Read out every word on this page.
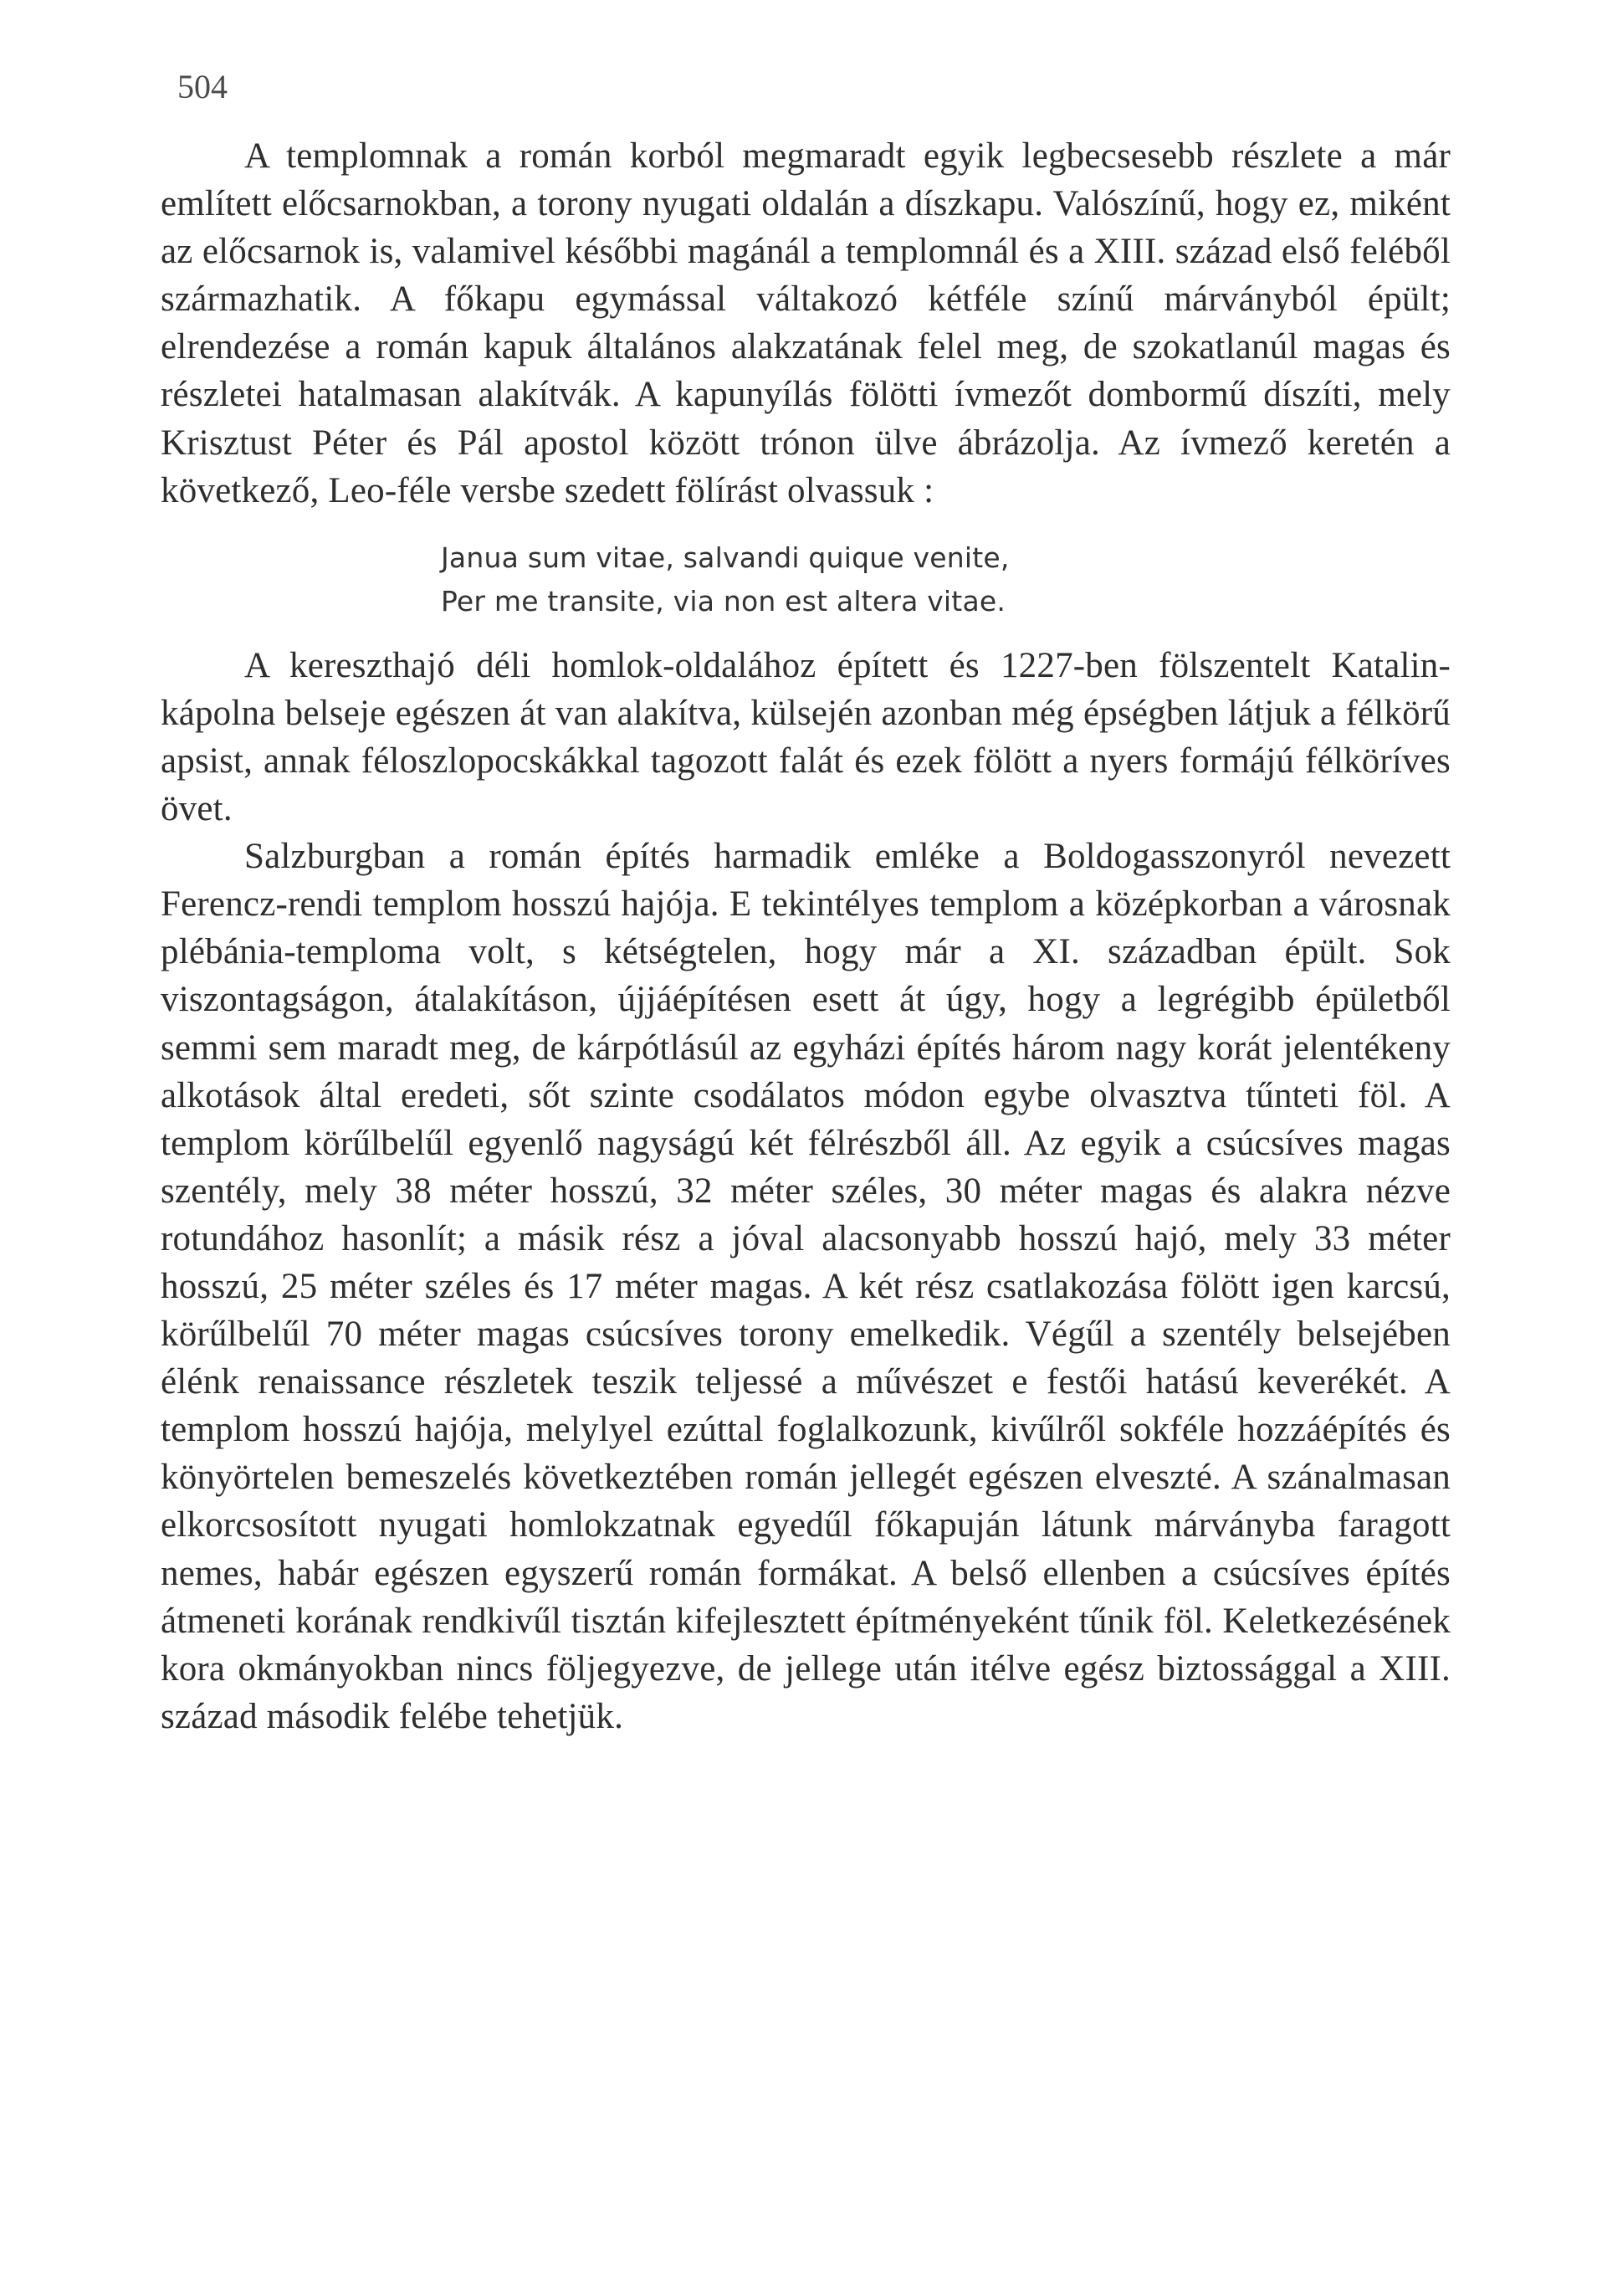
504

A templomnak a román korból megmaradt egyik legbecsesebb részlete a már említett előcsarnokban, a torony nyugati oldalán a díszkapu. Valószínű, hogy ez, miként az előcsarnok is, valamivel későbbi magánál a templomnál és a XIII. század első feléből származhatik. A főkapu egymással váltakozó kétféle színű márványból épült; elrendezése a román kapuk általános alakzatának felel meg, de szokatlanúl magas és részletei hatalmasan alakítvák. A kapunyílás fölötti ívmezőt dombormű díszíti, mely Krisztust Péter és Pál apostol között trónon ülve ábrázolja. Az ívmező keretén a következő, Leo-féle versbe szedett fölírást olvassuk :

Janua sum vitae, salvandi quique venite,
Per me transite, via non est altera vitae.

A kereszthajó déli homlok-oldalához épített és 1227-ben fölszentelt Katalin-kápolna belseje egészen át van alakítva, külsején azonban még épségben látjuk a félkörű apsist, annak féloszlopocskákkal tagozott falát és ezek fölött a nyers formájú félköríves övet.

Salzburgban a román építés harmadik emléke a Boldogasszonyról nevezett Ferencz-rendi templom hosszú hajója. E tekintélyes templom a középkorban a városnak plébánia-temploma volt, s kétségtelen, hogy már a XI. században épült. Sok viszontagságon, átalakításon, újjáépítésen esett át úgy, hogy a legrégibb épületből semmi sem maradt meg, de kárpótlásúl az egyházi építés három nagy korát jelentékeny alkotások által eredeti, sőt szinte csodálatos módon egybe olvasztva tűnteti föl. A templom körűlbelűl egyenlő nagyságú két félrészből áll. Az egyik a csúcsíves magas szentély, mely 38 méter hosszú, 32 méter széles, 30 méter magas és alakra nézve rotundához hasonlít; a másik rész a jóval alacsonyabb hosszú hajó, mely 33 méter hosszú, 25 méter széles és 17 méter magas. A két rész csatlakozása fölött igen karcsú, körűlbelűl 70 méter magas csúcsíves torony emelkedik. Végűl a szentély belsejében élénk renaissance részletek teszik teljessé a művészet e festői hatású keverékét. A templom hosszú hajója, melylyel ezúttal foglalkozunk, kivűlről sokféle hozzáépítés és könyörtelen bemeszelés következtében román jellegét egészen elveszté. A szánalmasan elkorcsosított nyugati homlokzatnak egyedűl főkapuján látunk márványba faragott nemes, habár egészen egyszerű román formákat. A belső ellenben a csúcsíves építés átmeneti korának rendkivűl tisztán kifejlesztett építményeként tűnik föl. Keletkezésének kora okmányokban nincs följegyezve, de jellege után itélve egész biztossággal a XIII. század második felébe tehetjük.
